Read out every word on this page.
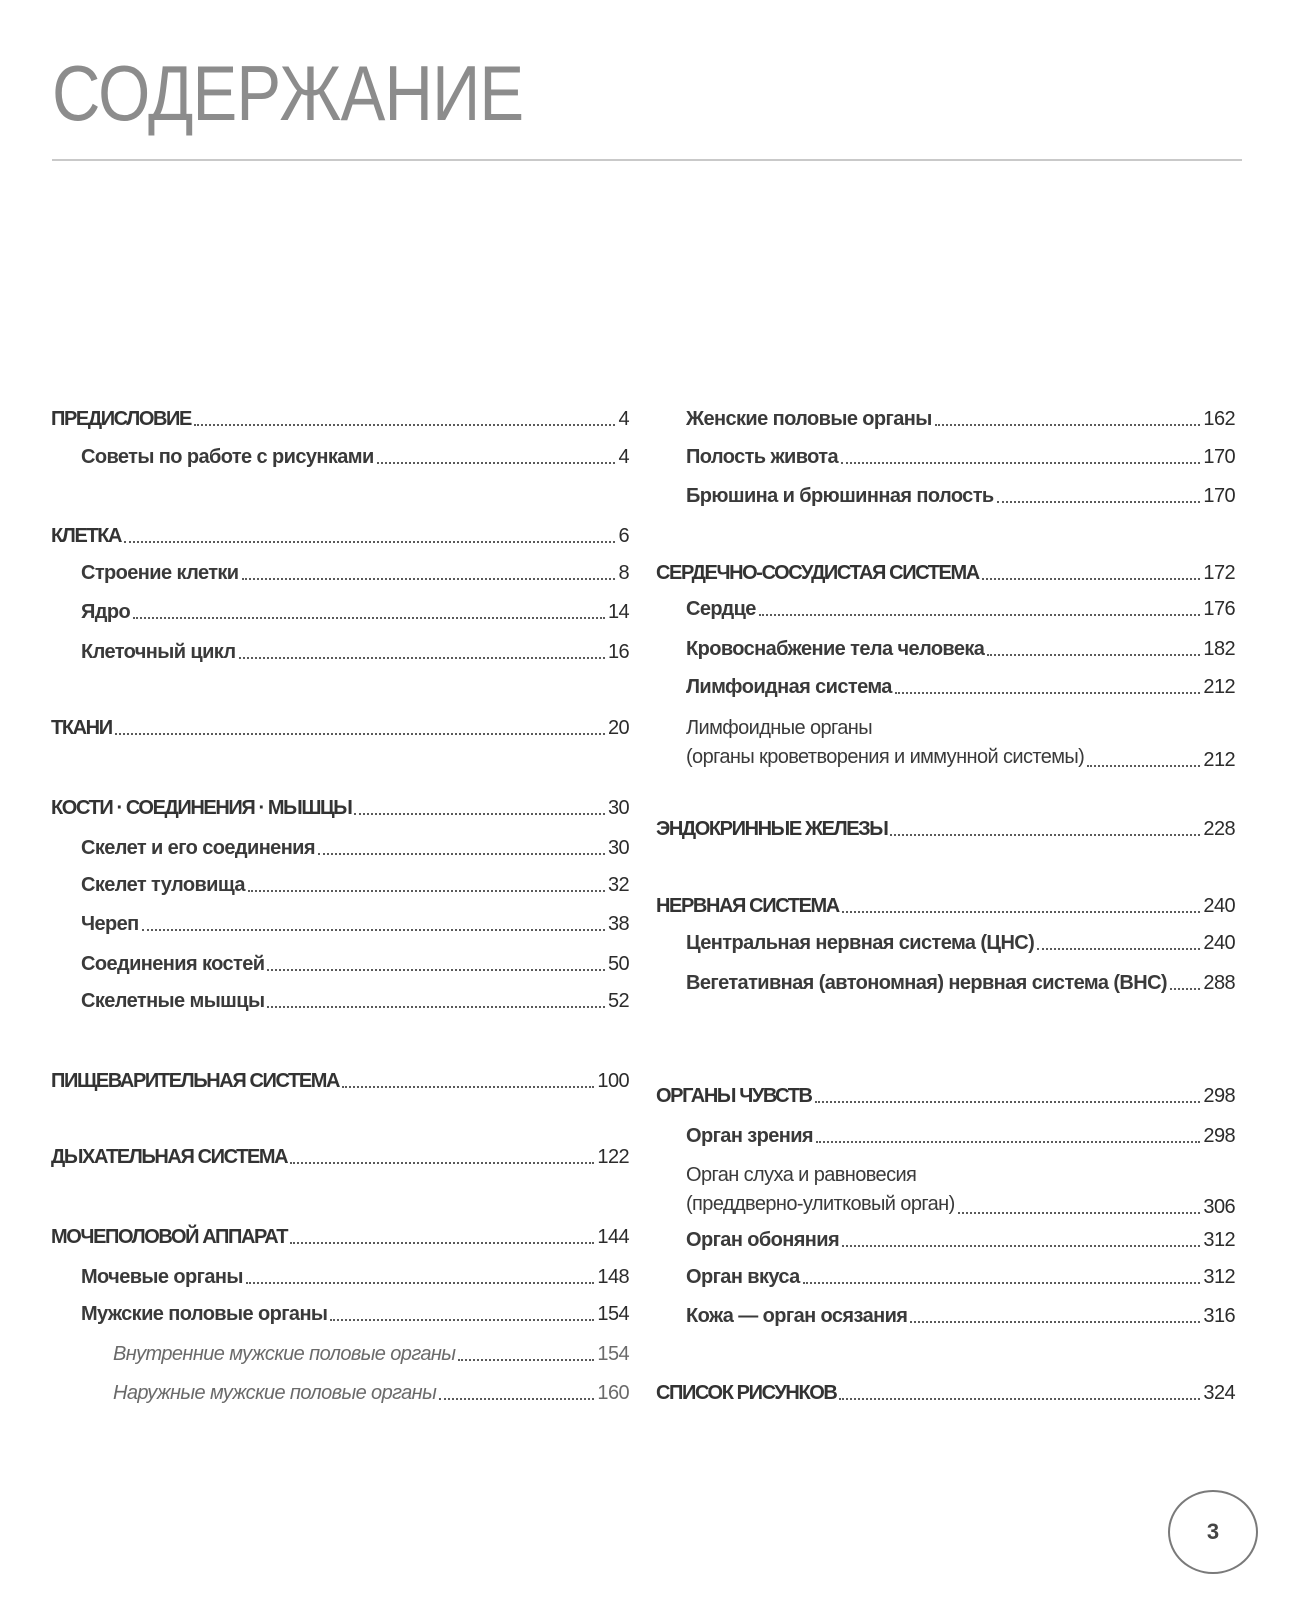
СОДЕРЖАНИЕ
ПРЕДИСЛОВИЕ	4
Советы по работе с рисунками	4
КЛЕТКА	6
Строение клетки	8
Ядро	14
Клеточный цикл	16
ТКАНИ	20
КОСТИ · СОЕДИНЕНИЯ · МЫШЦЫ	30
Скелет и его соединения	30
Скелет туловища	32
Череп	38
Соединения костей	50
Скелетные мышцы	52
ПИЩЕВАРИТЕЛЬНАЯ СИСТЕМА	100
ДЫХАТЕЛЬНАЯ СИСТЕМА	122
МОЧЕПОЛОВОЙ АППАРАТ	144
Мочевые органы	148
Мужские половые органы	154
Внутренние мужские половые органы	154
Наружные мужские половые органы	160
Женские половые органы	162
Полость живота	170
Брюшина и брюшинная полость	170
СЕРДЕЧНО-СОСУДИСТАЯ СИСТЕМА	172
Сердце	176
Кровоснабжение тела человека	182
Лимфоидная система	212
Лимфоидные органы
(органы кроветворения и иммунной системы)	212
ЭНДОКРИННЫЕ ЖЕЛЕЗЫ	228
НЕРВНАЯ СИСТЕМА	240
Центральная нервная система (ЦНС)	240
Вегетативная (автономная) нервная система (ВНС) 288
ОРГАНЫ ЧУВСТВ	298
Орган зрения	298
Орган слуха и равновесия
(преддверно-улитковый орган)	306
Орган обоняния	312
Орган вкуса	312
Кожа — орган осязания	316
СПИСОК РИСУНКОВ	324
3
